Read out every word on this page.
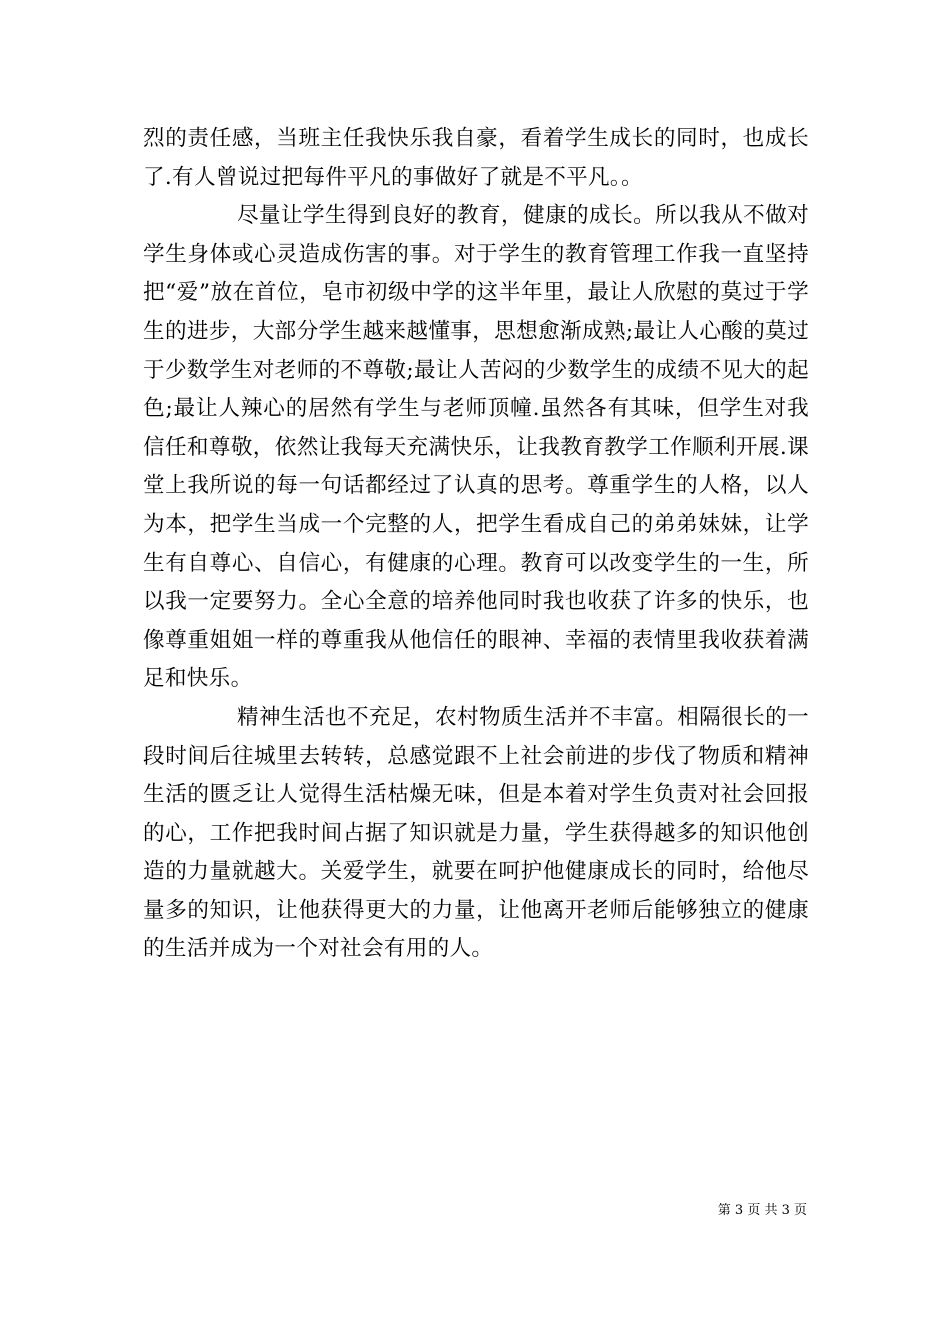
烈的责任感，当班主任我快乐我自豪，看着学生成长的同时，也成长了.有人曾说过把每件平凡的事做好了就是不平凡。。

尽量让学生得到良好的教育，健康的成长。所以我从不做对学生身体或心灵造成伤害的事。对于学生的教育管理工作我一直坚持把“爱”放在首位，皂市初级中学的这半年里，最让人欣慰的莫过于学生的进步，大部分学生越来越懂事，思想愈渐成熟;最让人心酸的莫过于少数学生对老师的不尊敬;最让人苦闷的少数学生的成绩不见大的起色;最让人辣心的居然有学生与老师顶幢.虽然各有其味，但学生对我信任和尊敬，依然让我每天充满快乐，让我教育教学工作顺利开展.课堂上我所说的每一句话都经过了认真的思考。尊重学生的人格，以人为本，把学生当成一个完整的人，把学生看成自己的弟弟妹妹，让学生有自尊心、自信心，有健康的心理。教育可以改变学生的一生，所以我一定要努力。全心全意的培养他同时我也收获了许多的快乐，也像尊重姐姐一样的尊重我从他信任的眼神、幸福的表情里我收获着满足和快乐。

精神生活也不充足，农村物质生活并不丰富。相隔很长的一段时间后往城里去转转，总感觉跟不上社会前进的步伐了物质和精神生活的匮乏让人觉得生活枯燥无味，但是本着对学生负责对社会回报的心，工作把我时间占据了知识就是力量，学生获得越多的知识他创造的力量就越大。关爱学生，就要在呵护他健康成长的同时，给他尽量多的知识，让他获得更大的力量，让他离开老师后能够独立的健康的生活并成为一个对社会有用的人。

第 3 页 共 3 页
